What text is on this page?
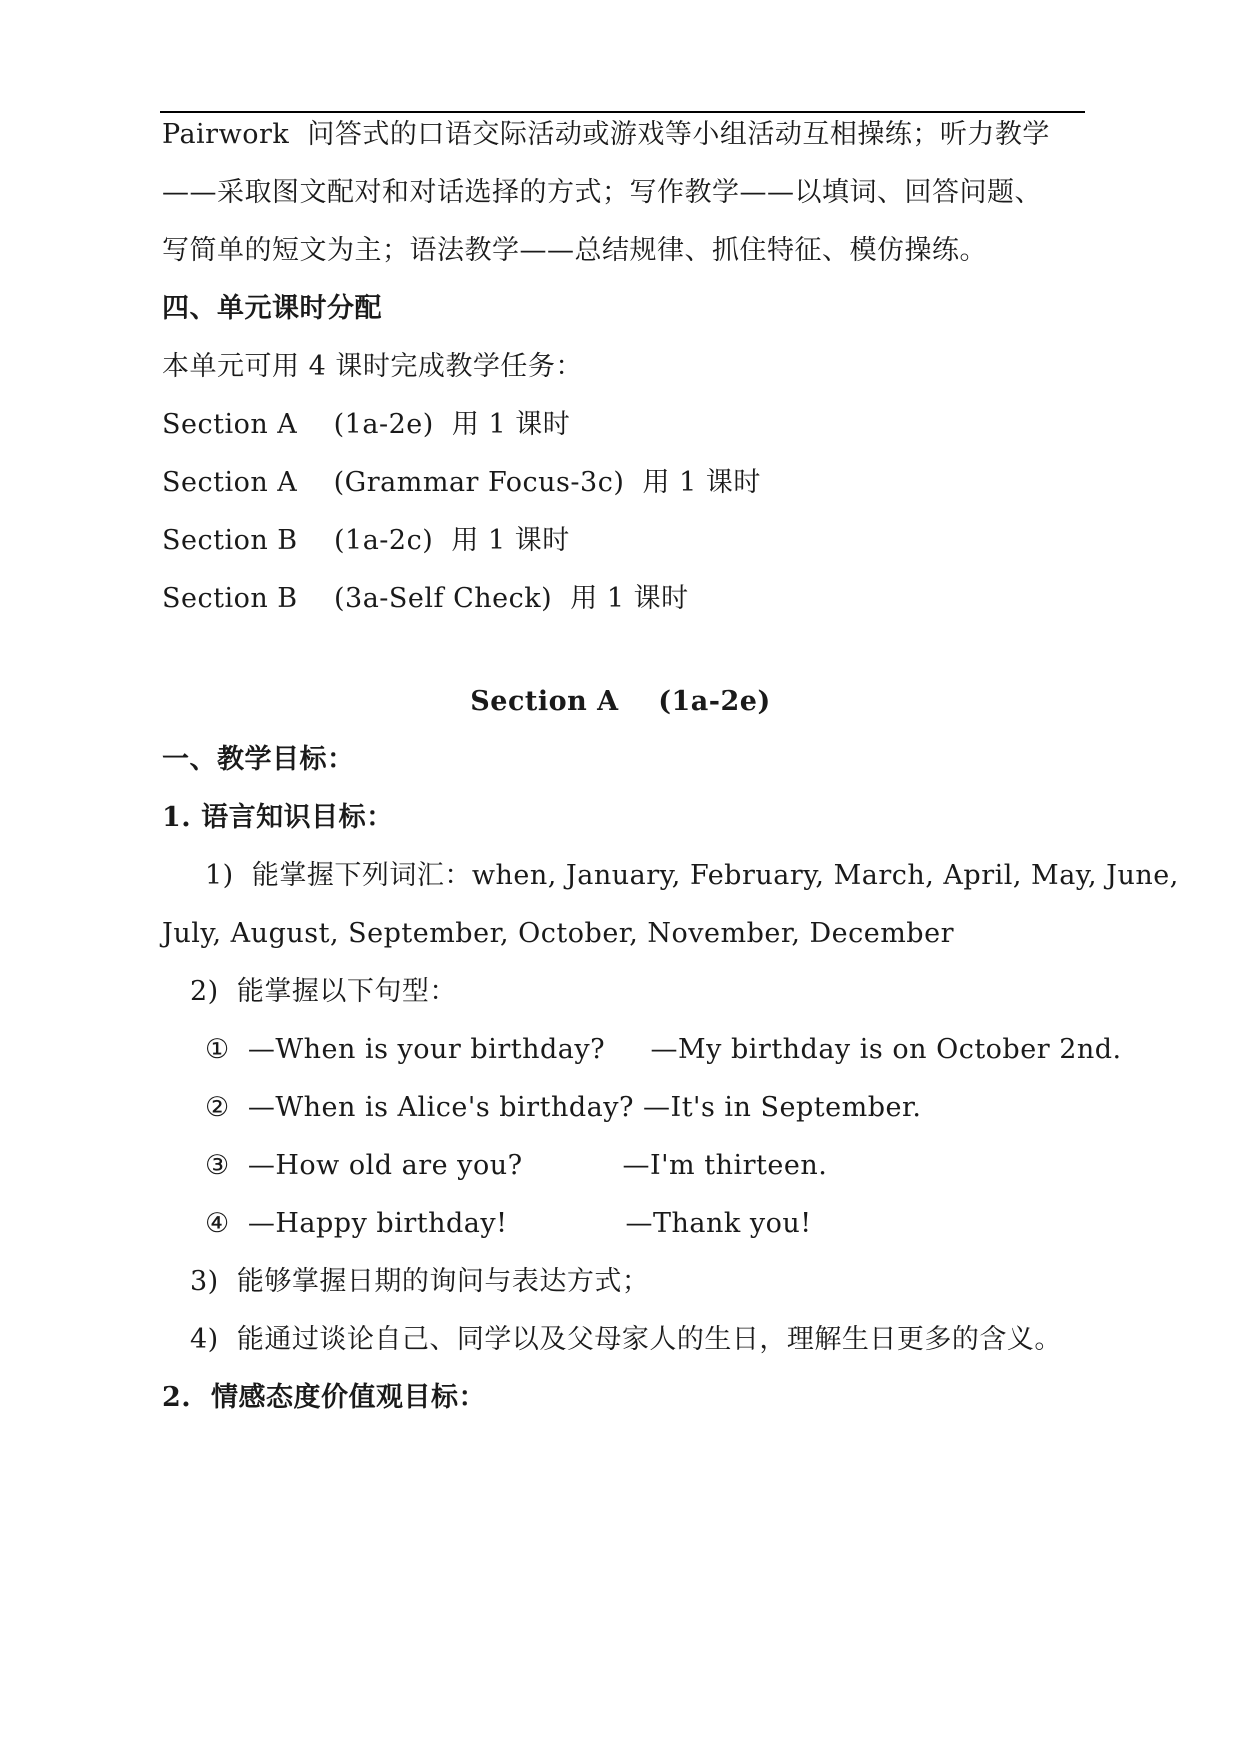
Pairwork  问答式的口语交际活动或游戏等小组活动互相操练；听力教学
——采取图文配对和对话选择的方式；写作教学——以填词、回答问题、
写简单的短文为主；语法教学——总结规律、抓住特征、模仿操练。
四、单元课时分配
本单元可用 4 课时完成教学任务：
Section A    (1a-2e)  用 1 课时
Section A    (Grammar Focus-3c)  用 1 课时
Section B    (1a-2c)  用 1 课时
Section B    (3a-Self Check)  用 1 课时
Section A    (1a-2e)
一、教学目标：
1. 语言知识目标：
1)  能掌握下列词汇：when, January, February, March, April, May, June,
July, August, September, October, November, December
2)  能掌握以下句型：
①  —When is your birthday?     —My birthday is on October 2nd.
②  —When is Alice's birthday? —It's in September.
③  —How old are you?           —I'm thirteen.
④  —Happy birthday!             —Thank you!
3)  能够掌握日期的询问与表达方式；
4)  能通过谈论自己、同学以及父母家人的生日，理解生日更多的含义。
2.  情感态度价值观目标：
